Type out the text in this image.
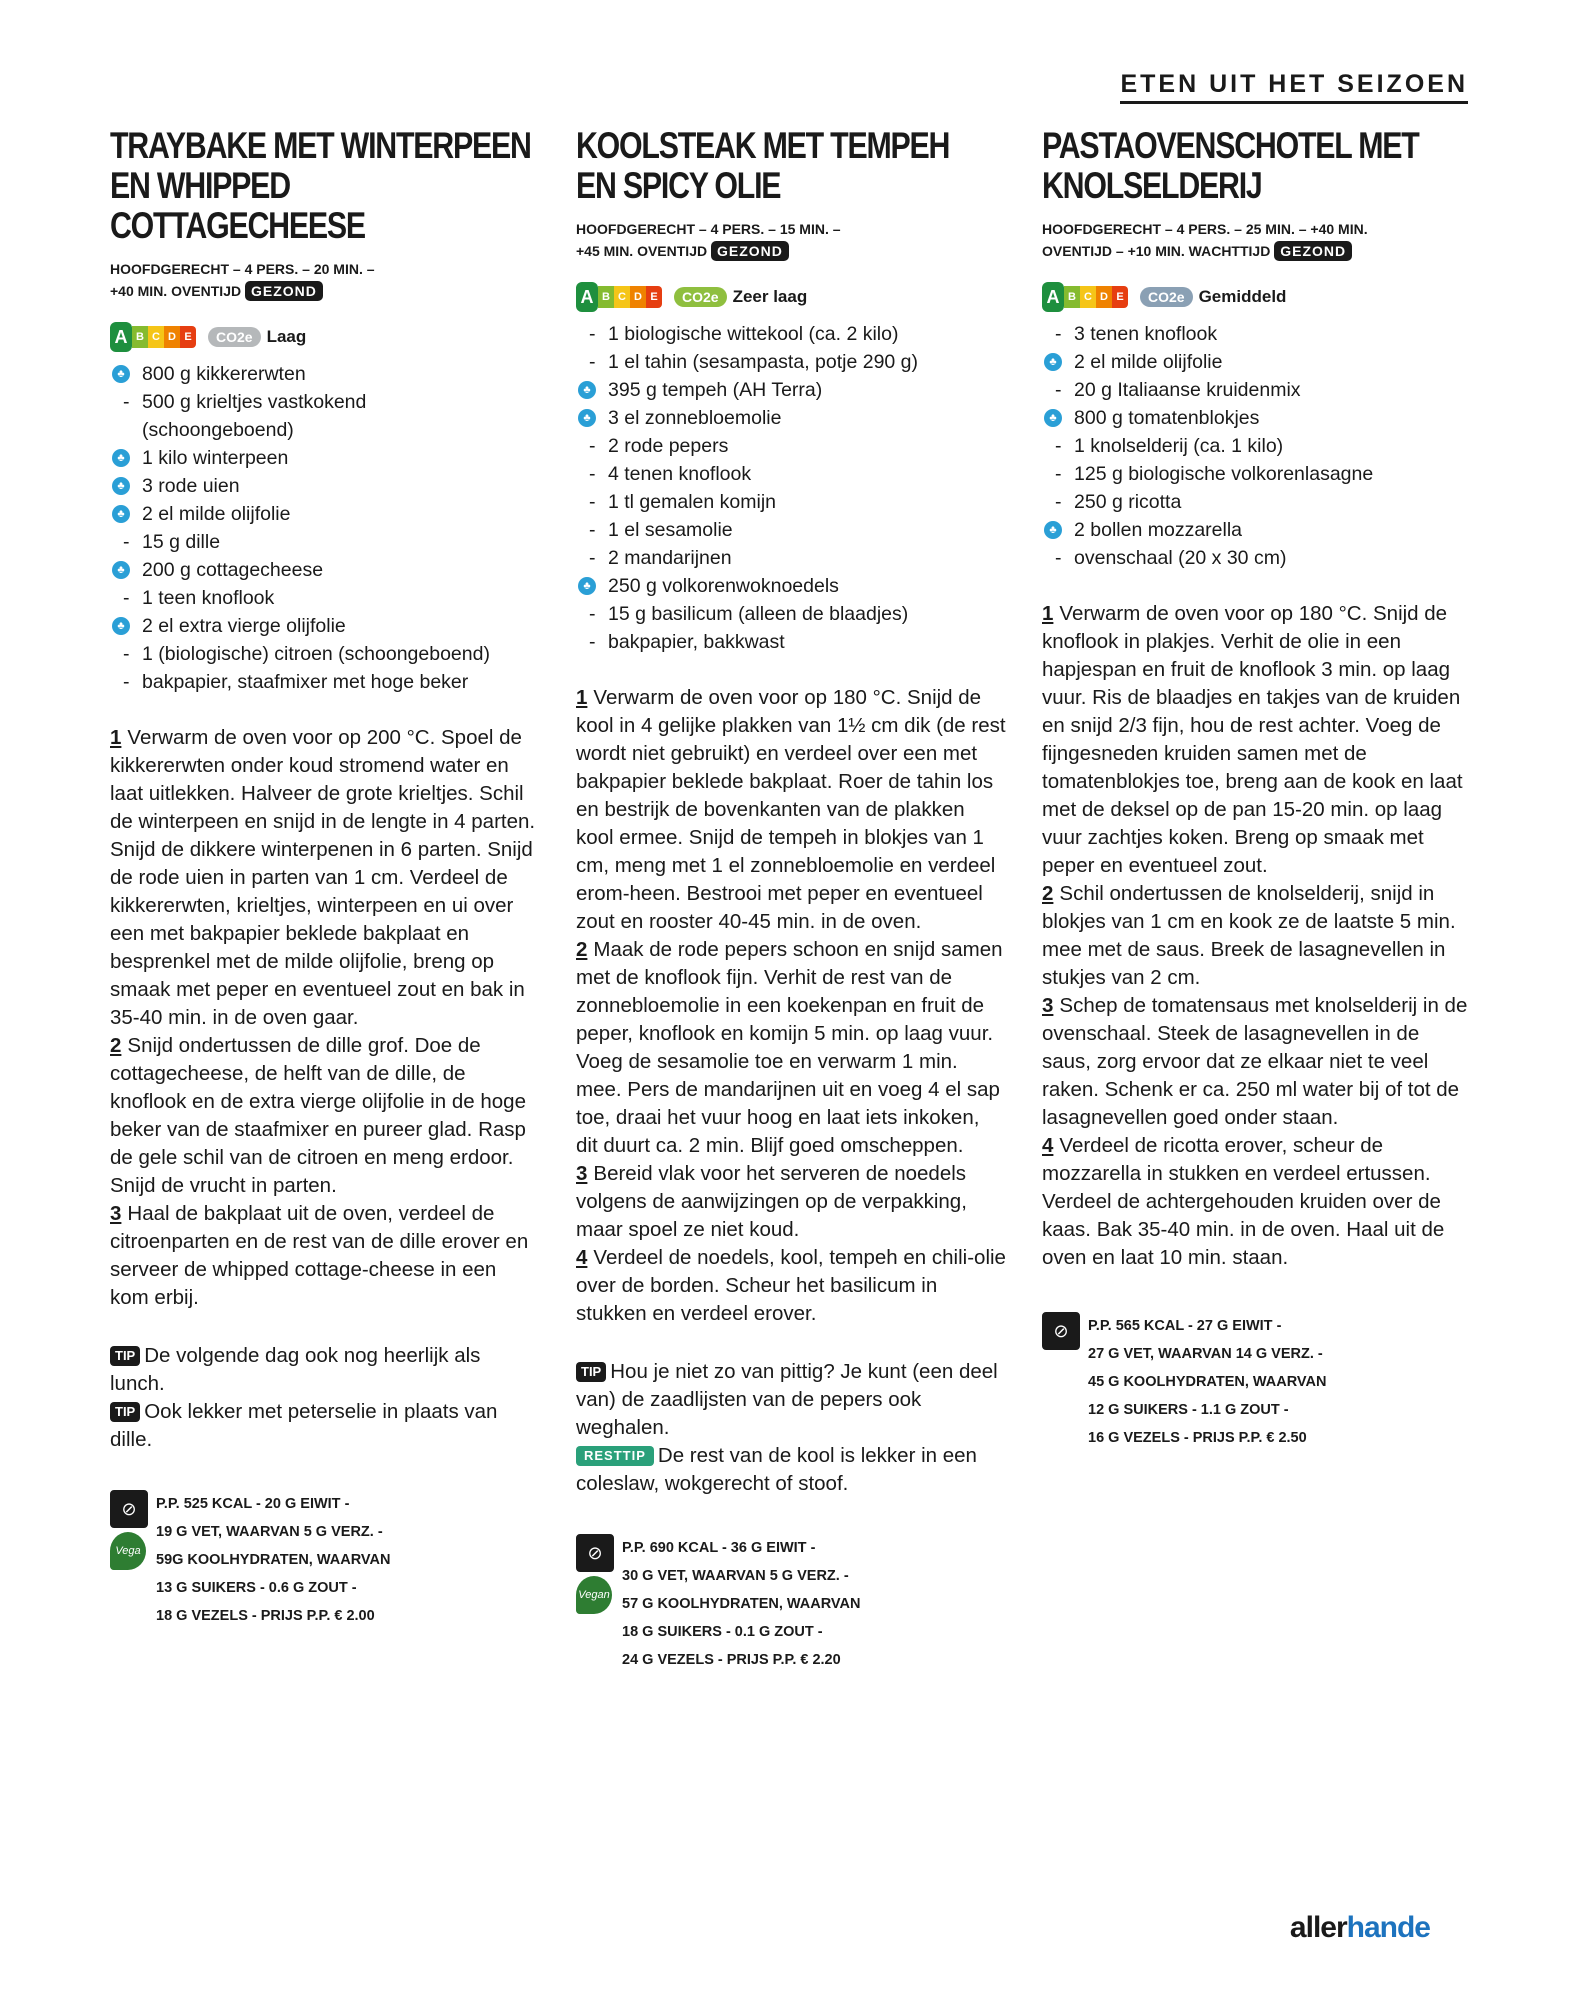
ETEN UIT HET SEIZOEN
TRAYBAKE MET WINTERPEEN
EN WHIPPED COTTAGECHEESE
HOOFDGERECHT – 4 PERS. – 20 MIN. –
+40 MIN. OVENTIJD GEZOND
A B C D E	CO2e Laag
♣ 800 g kikkererwten
- 500 g krieltjes vastkokend
(schoongeboend)
♣ 1 kilo winterpeen
♣ 3 rode uien
♣ 2 el milde olijfolie
- 15 g dille
♣ 200 g cottagecheese
- 1 teen knoflook
♣ 2 el extra vierge olijfolie
- 1 (biologische) citroen (schoongeboend)
- bakpapier, staafmixer met hoge beker

1 Verwarm de oven voor op 200 °C. Spoel de kikkererwten onder koud stromend water en laat uitlekken. Halveer de grote krieltjes. Schil de winterpeen en snijd in de lengte in 4 parten. Snijd de dikkere winterpenen in 6 parten. Snijd de rode uien in parten van 1 cm. Verdeel de kikkererwten, krieltjes, winterpeen en ui over een met bakpapier beklede bakplaat en besprenkel met de milde olijfolie, breng op smaak met peper en eventueel zout en bak in 35-40 min. in de oven gaar.

2 Snijd ondertussen de dille grof. Doe de cottagecheese, de helft van de dille, de knoflook en de extra vierge olijfolie in de hoge beker van de staafmixer en pureer glad. Rasp de gele schil van de citroen en meng erdoor. Snijd de vrucht in parten.

3 Haal de bakplaat uit de oven, verdeel de citroenparten en de rest van de dille erover en serveer de whipped cottage-cheese in een kom erbij.

TIP De volgende dag ook nog heerlijk als lunch.

TIP Ook lekker met peterselie in plaats van dille.

⊘
Vega
P.P. 525 KCAL - 20 G EIWIT -
19 G VET, WAARVAN 5 G VERZ. -
59G KOOLHYDRATEN, WAARVAN
13 G SUIKERS - 0.6 G ZOUT -
18 G VEZELS - PRIJS P.P. € 2.00
KOOLSTEAK MET TEMPEH
EN SPICY OLIE
HOOFDGERECHT – 4 PERS. – 15 MIN. –
+45 MIN. OVENTIJD GEZOND
A B C D E	CO2e Zeer laag
- 1 biologische wittekool (ca. 2 kilo)
- 1 el tahin (sesampasta, potje 290 g)
♣ 395 g tempeh (AH Terra)
♣ 3 el zonnebloemolie
- 2 rode pepers
- 4 tenen knoflook
- 1 tl gemalen komijn
- 1 el sesamolie
- 2 mandarijnen
♣ 250 g volkorenwoknoedels
- 15 g basilicum (alleen de blaadjes)
- bakpapier, bakkwast

1 Verwarm de oven voor op 180 °C. Snijd de kool in 4 gelijke plakken van 1½ cm dik (de rest wordt niet gebruikt) en verdeel over een met bakpapier beklede bakplaat. Roer de tahin los en bestrijk de bovenkanten van de plakken kool ermee. Snijd de tempeh in blokjes van 1 cm, meng met 1 el zonnebloemolie en verdeel erom-heen. Bestrooi met peper en eventueel zout en rooster 40-45 min. in de oven.

2 Maak de rode pepers schoon en snijd samen met de knoflook fijn. Verhit de rest van de zonnebloemolie in een koekenpan en fruit de peper, knoflook en komijn 5 min. op laag vuur. Voeg de sesamolie toe en verwarm 1 min. mee. Pers de mandarijnen uit en voeg 4 el sap toe, draai het vuur hoog en laat iets inkoken, dit duurt ca. 2 min. Blijf goed omscheppen.

3 Bereid vlak voor het serveren de noedels volgens de aanwijzingen op de verpakking, maar spoel ze niet koud.

4 Verdeel de noedels, kool, tempeh en chili-olie over de borden. Scheur het basilicum in stukken en verdeel erover.

TIP Hou je niet zo van pittig? Je kunt (een deel van) de zaadlijsten van de pepers ook weghalen.

RESTTIP De rest van de kool is lekker in een coleslaw, wokgerecht of stoof.

⊘
Vegan
P.P. 690 KCAL - 36 G EIWIT -
30 G VET, WAARVAN 5 G VERZ. -
57 G KOOLHYDRATEN, WAARVAN
18 G SUIKERS - 0.1 G ZOUT -
24 G VEZELS - PRIJS P.P. € 2.20
PASTAOVENSCHOTEL MET
KNOLSELDERIJ
HOOFDGERECHT – 4 PERS. – 25 MIN. – +40 MIN.
OVENTIJD – +10 MIN. WACHTTIJD GEZOND
A B C D E	CO2e Gemiddeld
- 3 tenen knoflook
♣ 2 el milde olijfolie
- 20 g Italiaanse kruidenmix
♣ 800 g tomatenblokjes
- 1 knolselderij (ca. 1 kilo)
- 125 g biologische volkorenlasagne
- 250 g ricotta
♣ 2 bollen mozzarella
- ovenschaal (20 x 30 cm)

1 Verwarm de oven voor op 180 °C. Snijd de knoflook in plakjes. Verhit de olie in een hapjespan en fruit de knoflook 3 min. op laag vuur. Ris de blaadjes en takjes van de kruiden en snijd 2/3 fijn, hou de rest achter. Voeg de fijngesneden kruiden samen met de tomatenblokjes toe, breng aan de kook en laat met de deksel op de pan 15-20 min. op laag vuur zachtjes koken. Breng op smaak met peper en eventueel zout.

2 Schil ondertussen de knolselderij, snijd in blokjes van 1 cm en kook ze de laatste 5 min. mee met de saus. Breek de lasagnevellen in stukjes van 2 cm.

3 Schep de tomatensaus met knolselderij in de ovenschaal. Steek de lasagnevellen in de saus, zorg ervoor dat ze elkaar niet te veel raken. Schenk er ca. 250 ml water bij of tot de lasagnevellen goed onder staan.

4 Verdeel de ricotta erover, scheur de mozzarella in stukken en verdeel ertussen. Verdeel de achtergehouden kruiden over de kaas. Bak 35-40 min. in de oven. Haal uit de oven en laat 10 min. staan.

⊘	P.P. 565 KCAL - 27 G EIWIT -
27 G VET, WAARVAN 14 G VERZ. -
45 G KOOLHYDRATEN, WAARVAN
12 G SUIKERS - 1.1 G ZOUT -
16 G VEZELS - PRIJS P.P. € 2.50
allerhande
